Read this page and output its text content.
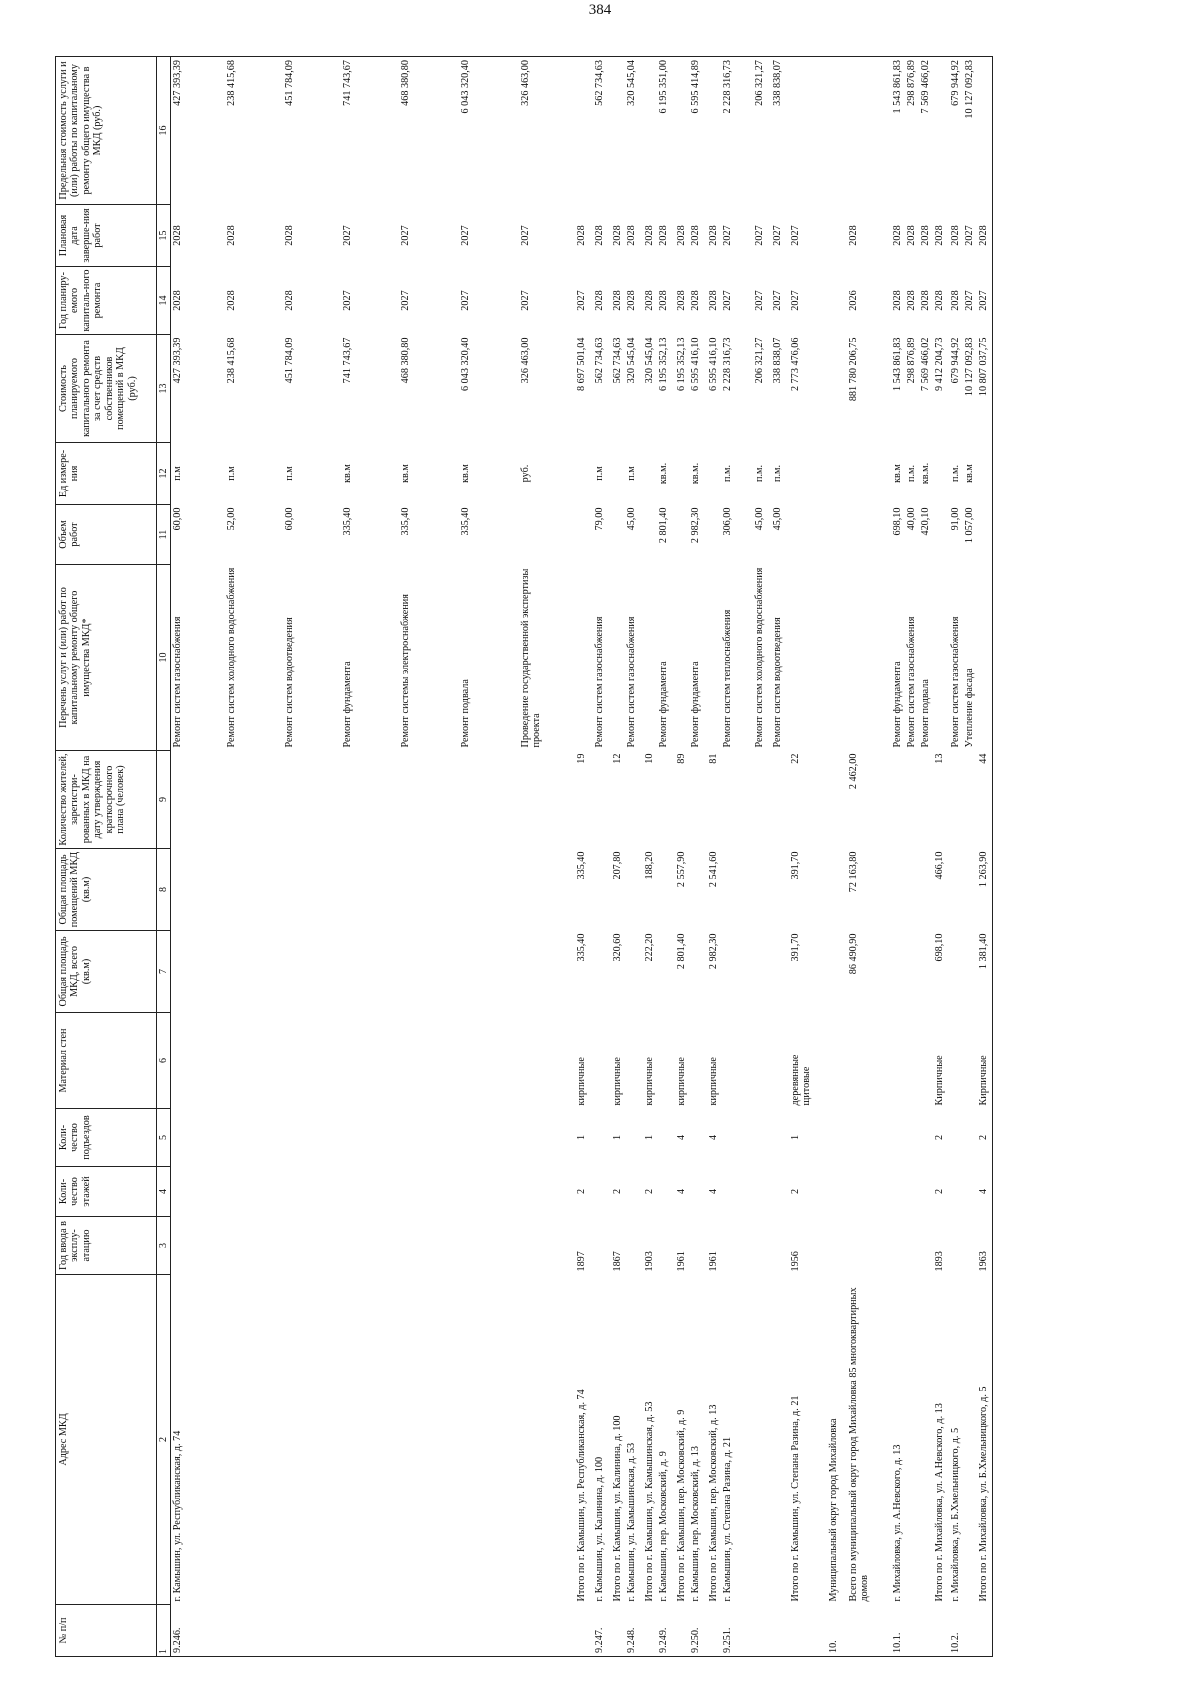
384
№ п/п	Адрес МКД	Год ввода в эксплу-атацию	Коли-чество этажей	Коли-чество подъездов	Материал стен	Общая площадь МКД, всего (кв.м)	Общая площадь помещений МКД (кв.м)	Количество жителей, зарегистри-рованных в МКД на дату утверждения краткосрочного плана (человек)	Перечень услуг и (или) работ по капитальному ремонту общего имущества МКД*	Объем работ	Ед измере-ния	Стоимость планируемого капитального ремонта за счет средств собственников помещений в МКД (руб.)	Год планиру-емого капиталь-ного ремонта	Плановая дата заверше-ния работ	Предельная стоимость услуги и (или) работы по капитальному ремонту общего имущества в МКД (руб.)
1	2	3	4	5	6	7	8	9	10	11	12	13	14	15	16
9.246.	г. Камышин, ул. Республиканская, д. 74								Ремонт систем газоснабжения	60,00	п.м	427 393,39	2028	2028	427 393,39
									Ремонт систем холодного водоснабжения	52,00	п.м	238 415,68	2028	2028	238 415,68
									Ремонт систем водоотведения	60,00	п.м	451 784,09	2028	2028	451 784,09
									Ремонт фундамента	335,40	кв.м	741 743,67	2027	2027	741 743,67
									Ремонт системы электроснабжения	335,40	кв.м	468 380,80	2027	2027	468 380,80
									Ремонт подвала	335,40	кв.м	6 043 320,40	2027	2027	6 043 320,40
									Проведение государственной экспертизы проекта		руб.	326 463,00	2027	2027	326 463,00
	Итого по г. Камышин, ул. Республиканская, д. 74	1897	2	1	кирпичные	335,40	335,40	19				8 697 501,04	2027	2028	
9.247.	г. Камышин, ул. Калинина, д. 100								Ремонт систем газоснабжения	79,00	п.м	562 734,63	2028	2028	562 734,63
	Итого по г. Камышин, ул. Калинина, д. 100	1867	2	1	кирпичные	320,60	207,80	12				562 734,63	2028	2028	
9.248.	г. Камышин, ул. Камышинская, д. 53								Ремонт систем газоснабжения	45,00	п.м	320 545,04	2028	2028	320 545,04
	Итого по г. Камышин, ул. Камышинская, д. 53	1903	2	1	кирпичные	222,20	188,20	10				320 545,04	2028	2028	
9.249.	г. Камышин, пер. Московский, д. 9								Ремонт фундамента	2 801,40	кв.м.	6 195 352,13	2028	2028	6 195 351,00
	Итого по г. Камышин, пер. Московский, д. 9	1961	4	4	кирпичные	2 801,40	2 557,90	89				6 195 352,13	2028	2028	
9.250.	г. Камышин, пер. Московский, д. 13								Ремонт фундамента	2 982,30	кв.м.	6 595 416,10	2028	2028	6 595 414,89
	Итого по г. Камышин, пер. Московский, д. 13	1961	4	4	кирпичные	2 982,30	2 541,60	81				6 595 416,10	2028	2028	
9.251.	г. Камышин, ул. Степана Разина, д. 21								Ремонт систем теплоснабжения	306,00	п.м.	2 228 316,73	2027	2027	2 228 316,73
									Ремонт систем холодного водоснабжения	45,00	п.м.	206 321,27	2027	2027	206 321,27
									Ремонт систем водоотведения	45,00	п.м.	338 838,07	2027	2027	338 838,07
	Итого по г. Камышин, ул. Степана Разина, д. 21	1956	2	1	деревянные щитовые	391,70	391,70	22				2 773 476,06	2027	2027	
10.	Муниципальный округ город Михайловка														
	Всего по муниципальный округ город Михайловка 85 многоквартирных домов					86 490,90	72 163,80	2 462,00				881 780 206,75	2026	2028	
10.1.	г. Михайловка, ул. А.Невского, д. 13								Ремонт фундамента	698,10	кв.м	1 543 861,83	2028	2028	1 543 861,83
									Ремонт систем газоснабжения	40,00	п.м.	298 876,89	2028	2028	298 876,89
									Ремонт подвала	420,10	кв.м.	7 569 466,02	2028	2028	7 569 466,02
	Итого по г. Михайловка, ул. А.Невского, д. 13	1893	2	2	Кирпичные	698,10	466,10	13				9 412 204,73	2028	2028	
10.2.	г. Михайловка, ул. Б.Хмельницкого, д. 5								Ремонт систем газоснабжения	91,00	п.м.	679 944,92	2028	2028	679 944,92
									Утепление фасада	1 057,00	кв.м	10 127 092,83	2027	2027	10 127 092,83
	Итого по г. Михайловка, ул. Б.Хмельницкого, д. 5	1963	4	2	Кирпичные	1 381,40	1 263,90	44				10 807 037,75	2027	2028	
